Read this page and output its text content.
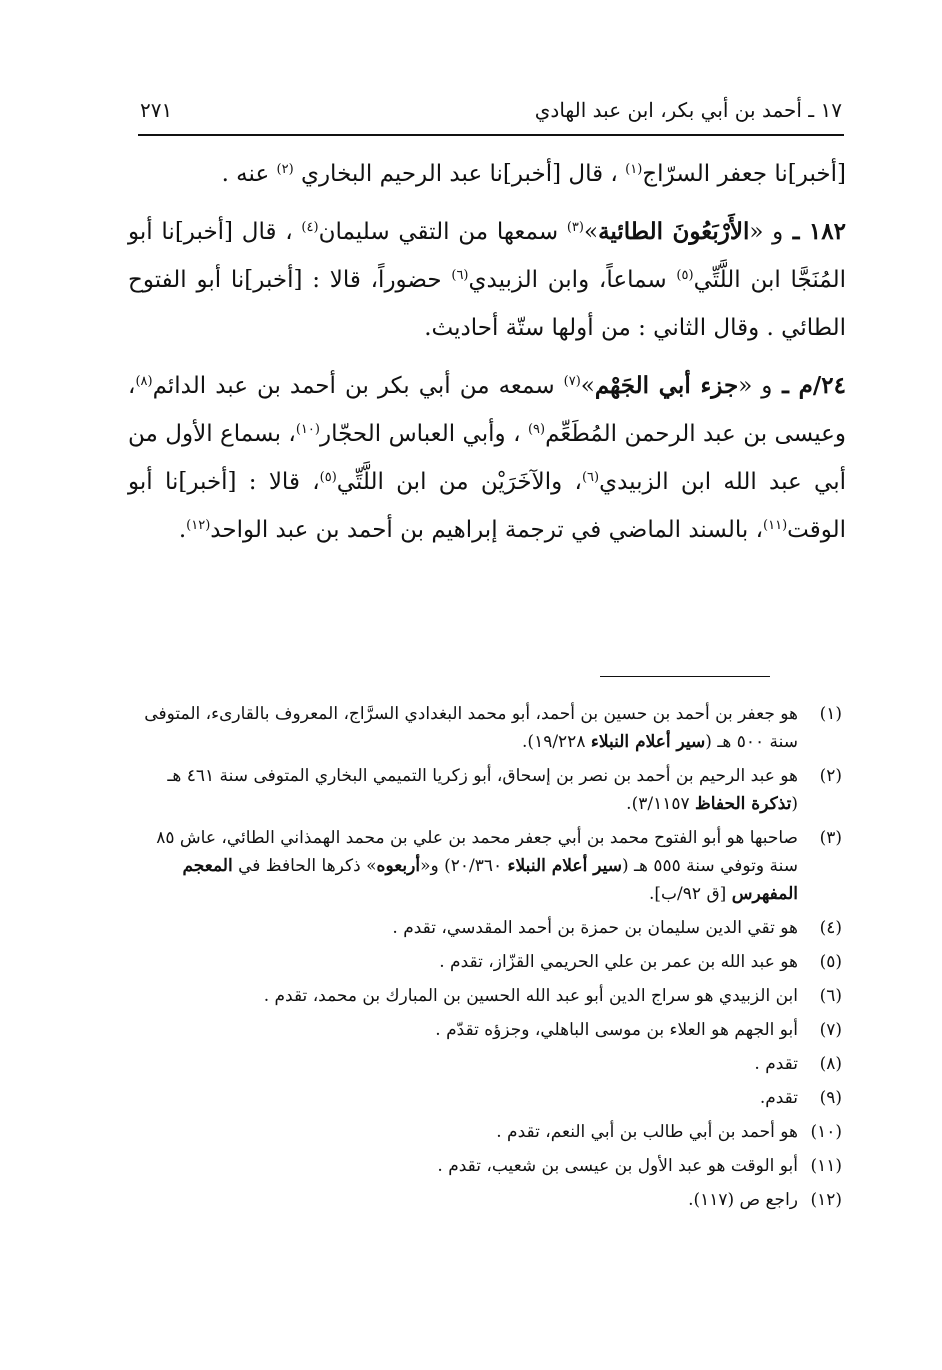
١٧ ـ أحمد بن أبي بكر، ابن عبد الهادي
٢٧١

[أخبر]نا جعفر السرّاج$^{(١)}$ ، قال [أخبر]نا عبد الرحيم البخاري $^{(٢)}$ عنه .

١٨٢ ـ و «الأَرْبَعُونَ الطائية»$^{(٣)}$ سمعها من التقي سليمان$^{(٤)}$ ، قال [أخبر]نا أبو المُنَجَّا ابن اللَّتِّي$^{(٥)}$ سماعاً، وابن الزبيدي$^{(٦)}$ حضوراً، قالا : [أخبر]نا أبو الفتوح الطائي . وقال الثاني : من أولها ستّة أحاديث.

٢٤/م ـ و «جزء أبي الجَهْم»$^{(٧)}$ سمعه من أبي بكر بن أحمد بن عبد الدائم$^{(٨)}$، وعيسى بن عبد الرحمن المُطَعِّم$^{(٩)}$ ، وأبي العباس الحجّار$^{(١٠)}$، بسماع الأول من أبي عبد الله ابن الزبيدي$^{(٦)}$، والآخَرَيْن من ابن اللَّتِّي$^{(٥)}$، قالا : [أخبر]نا أبو الوقت$^{(١١)}$، بالسند الماضي في ترجمة إبراهيم بن أحمد بن عبد الواحد$^{(١٢)}$.

(١)
هو جعفر بن أحمد بن حسين بن أحمد، أبو محمد البغدادي السرَّاج، المعروف بالقارىء، المتوفى سنة ٥٠٠ هـ (سير أعلام النبلاء ١٩/٢٢٨).
(٢)
هو عبد الرحيم بن أحمد بن نصر بن إسحاق، أبو زكريا التميمي البخاري المتوفى سنة ٤٦١ هـ (تذكرة الحفاظ ٣/١١٥٧).
(٣)
صاحبها هو أبو الفتوح محمد بن أبي جعفر محمد بن علي بن محمد الهمذاني الطائي، عاش ٨٥ سنة وتوفي سنة ٥٥٥ هـ (سير أعلام النبلاء ٢٠/٣٦٠) و«أربعوه» ذكرها الحافظ في المعجم المفهرس [ق ٩٢/ب].
(٤)
هو تقي الدين سليمان بن حمزة بن أحمد المقدسي، تقدم .
(٥)
هو عبد الله بن عمر بن علي الحريمي القزّاز، تقدم .
(٦)
ابن الزبيدي هو سراج الدين أبو عبد الله الحسين بن المبارك بن محمد، تقدم .
(٧)
أبو الجهم هو العلاء بن موسى الباهلي، وجزؤه تقدّم .
(٨)
تقدم .
(٩)
تقدم.
(١٠)
هو أحمد بن أبي طالب بن أبي النعم، تقدم .
(١١)
أبو الوقت هو عبد الأول بن عيسى بن شعيب، تقدم .
(١٢)
راجع ص (١١٧).
